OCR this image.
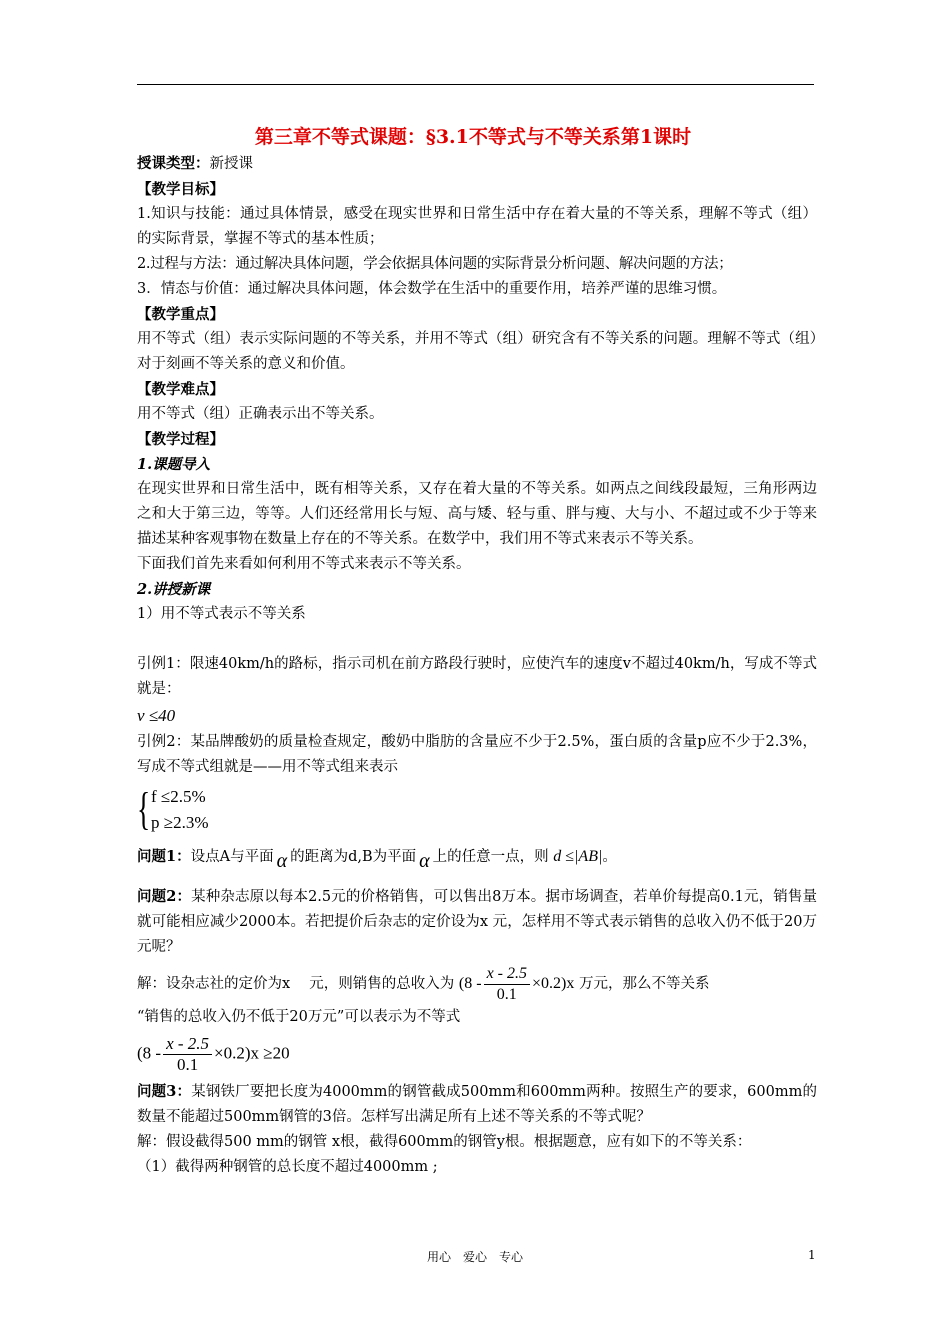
第三章不等式课题：§3.1不等式与不等关系第1课时
授课类型：新授课
【教学目标】
1.知识与技能：通过具体情景，感受在现实世界和日常生活中存在着大量的不等关系，理解不等式（组）的实际背景，掌握不等式的基本性质；
2.过程与方法：通过解决具体问题，学会依据具体问题的实际背景分析问题、解决问题的方法；
3．情态与价值：通过解决具体问题，体会数学在生活中的重要作用，培养严谨的思维习惯。
【教学重点】
用不等式（组）表示实际问题的不等关系，并用不等式（组）研究含有不等关系的问题。理解不等式（组）对于刻画不等关系的意义和价值。
【教学难点】
用不等式（组）正确表示出不等关系。
【教学过程】
1.课题导入
在现实世界和日常生活中，既有相等关系，又存在着大量的不等关系。如两点之间线段最短，三角形两边之和大于第三边，等等。人们还经常用长与短、高与矮、轻与重、胖与瘦、大与小、不超过或不少于等来描述某种客观事物在数量上存在的不等关系。在数学中，我们用不等式来表示不等关系。
下面我们首先来看如何利用不等式来表示不等关系。
2.讲授新课
1）用不等式表示不等关系
引例1：限速40km/h的路标，指示司机在前方路段行驶时，应使汽车的速度v不超过40km/h，写成不等式就是：
v ≤40
引例2：某品牌酸奶的质量检查规定，酸奶中脂肪的含量应不少于2.5%，蛋白质的含量p应不少于2.3%，写成不等式组就是——用不等式组来表示
{ f ≤2.5%
p ≥2.3%
问题1：设点A与平面 α 的距离为d,B为平面 α 上的任意一点，则 d ≤|AB|。
问题2：某种杂志原以每本2.5元的价格销售，可以售出8万本。据市场调查，若单价每提高0.1元，销售量就可能相应减少2000本。若把提价后杂志的定价设为x 元，怎样用不等式表示销售的总收入仍不低于20万元呢？
解：设杂志社的定价为x　 元，则销售的总收入为 $(8 - \frac{x - 2.5}{0.1} \times 0.2)x$ 万元，那么不等关系
“销售的总收入仍不低于20万元”可以表示为不等式
$(8 - \frac{x - 2.5}{0.1} \times 0.2)x \ge 20$
问题3：某钢铁厂要把长度为4000mm的钢管截成500mm和600mm两种。按照生产的要求，600mm的数量不能超过500mm钢管的3倍。怎样写出满足所有上述不等关系的不等式呢？
解：假设截得500 mm的钢管 x根，截得600mm的钢管y根。根据题意，应有如下的不等关系：
（1）截得两种钢管的总长度不超过4000mm ;
用心　爱心　专心	1
